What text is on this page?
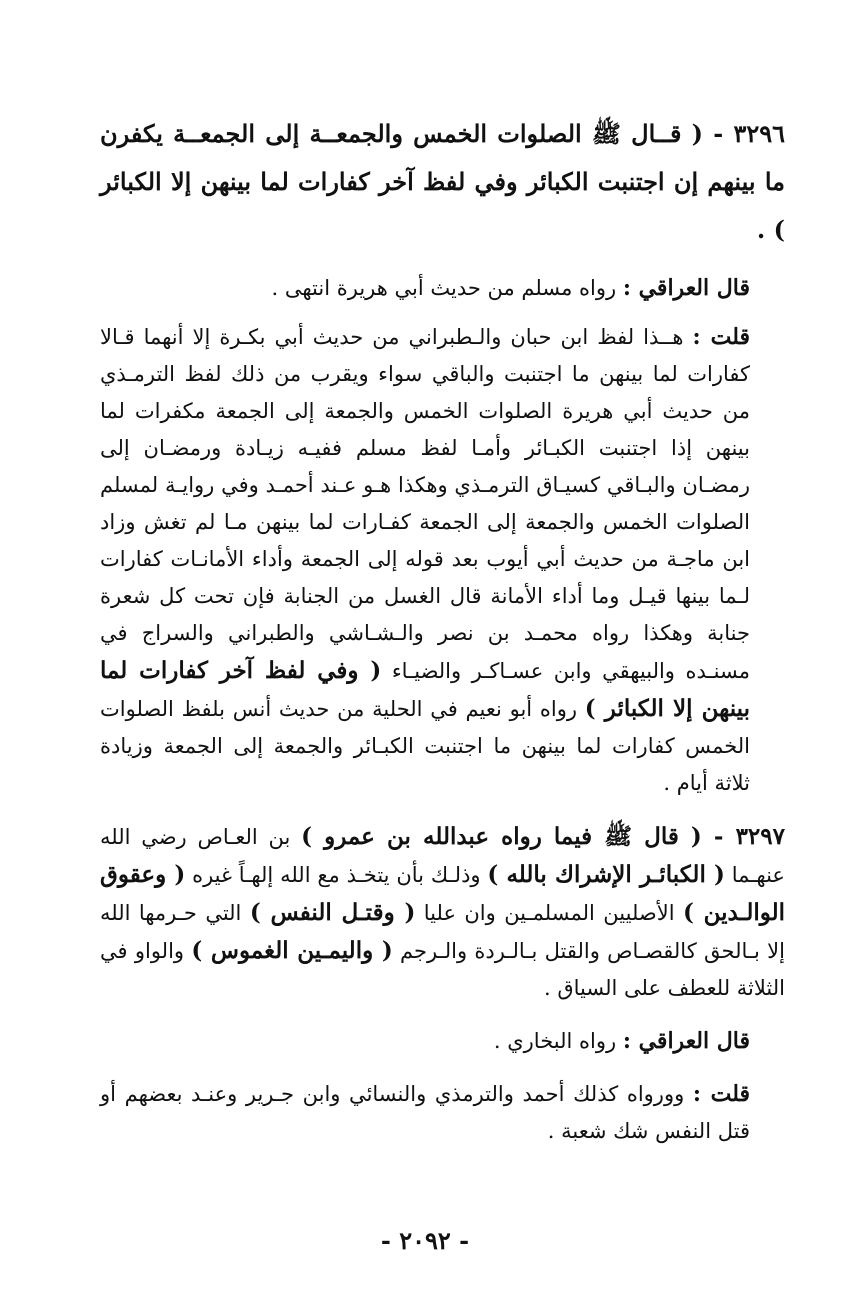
٣٢٩٦ - ( قــال ﷺ الصلوات الخمس والجمعــة إلى الجمعــة يكفرن ما بينهم إن اجتنبت الكبائر وفي لفظ آخر كفارات لما بينهن إلا الكبائر ) .

قال العراقي : رواه مسلم من حديث أبي هريرة انتهى .

قلت : هــذا لفظ ابن حبان والـطبراني من حديث أبي بكـرة إلا أنهما قـالا كفارات لما بينهن ما اجتنبت والباقي سواء ويقرب من ذلك لفظ الترمـذي من حديث أبي هريرة الصلوات الخمس والجمعة إلى الجمعة مكفرات لما بينهن إذا اجتنبت الكبـائر وأمـا لفظ مسلم ففيـه زيـادة ورمضـان إلى رمضـان والبـاقي كسيـاق الترمـذي وهكذا هـو عـند أحمـد وفي روايـة لمسلم الصلوات الخمس والجمعة إلى الجمعة كفـارات لما بينهن مـا لم تغش وزاد ابن ماجـة من حديث أبي أيوب بعد قوله إلى الجمعة وأداء الأمانـات كفارات لـما بينها قيـل وما أداء الأمانة قال الغسل من الجنابة فإن تحت كل شعرة جنابة وهكذا رواه محمـد بن نصر والـشـاشي والطبراني والسراج في مسنـده والبيهقي وابن عسـاكـر والضيـاء ( وفي لفظ آخر كفارات لما بينهن إلا الكبائر ) رواه أبو نعيم في الحلية من حديث أنس بلفظ الصلوات الخمس كفارات لما بينهن ما اجتنبت الكبـائر والجمعة إلى الجمعة وزيادة ثلاثة أيام .

٣٢٩٧ - ( قال ﷺ فيما رواه عبدالله بن عمرو ) بن العـاص رضي الله عنهـما ( الكبائـر الإشراك بالله ) وذلـك بأن يتخـذ مع الله إلهـاً غيره ( وعقوق الوالـدين ) الأصليين المسلمـين وان عليا ( وقتـل النفس ) التي حـرمها الله إلا بـالحق كالقصـاص والقتل بـالـردة والـرجم ( واليمـين الغموس ) والواو في الثلاثة للعطف على السياق .

قال العراقي : رواه البخاري .

قلت : وورواه كذلك أحمد والترمذي والنسائي وابن جـرير وعنـد بعضهم أو قتل النفس شك شعبة .

- ٢٠٩٢ -
